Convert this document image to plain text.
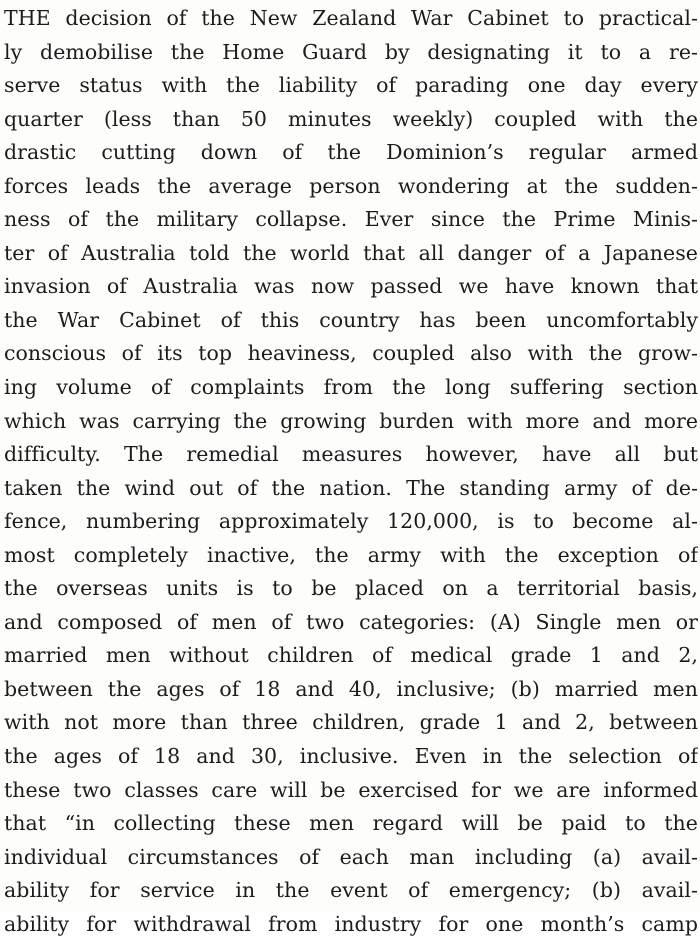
THE decision of the New Zealand War Cabinet to practical-
ly demobilise the Home Guard by designating it to a re-
serve status with the liability of parading one day every
quarter (less than 50 minutes weekly) coupled with the
drastic cutting down of the Dominion’s regular armed
forces leads the average person wondering at the sudden-
ness of the military collapse. Ever since the Prime Minis-
ter of Australia told the world that all danger of a Japanese
invasion of Australia was now passed we have known that
the War Cabinet of this country has been uncomfortably
conscious of its top heaviness, coupled also with the grow-
ing volume of complaints from the long suffering section
which was carrying the growing burden with more and more
difficulty. The remedial measures however, have all but
taken the wind out of the nation. The standing army of de-
fence, numbering approximately 120,000, is to become al-
most completely inactive, the army with the exception of
the overseas units is to be placed on a territorial basis,
and composed of men of two categories: (A) Single men or
married men without children of medical grade 1 and 2,
between the ages of 18 and 40, inclusive; (b) married men
with not more than three children, grade 1 and 2, between
the ages of 18 and 30, inclusive. Even in the selection of
these two classes care will be exercised for we are informed
that “in collecting these men regard will be paid to the
individual circumstances of each man including (a) avail-
ability for service in the event of emergency; (b) avail-
ability for withdrawal from industry for one month’s camp
